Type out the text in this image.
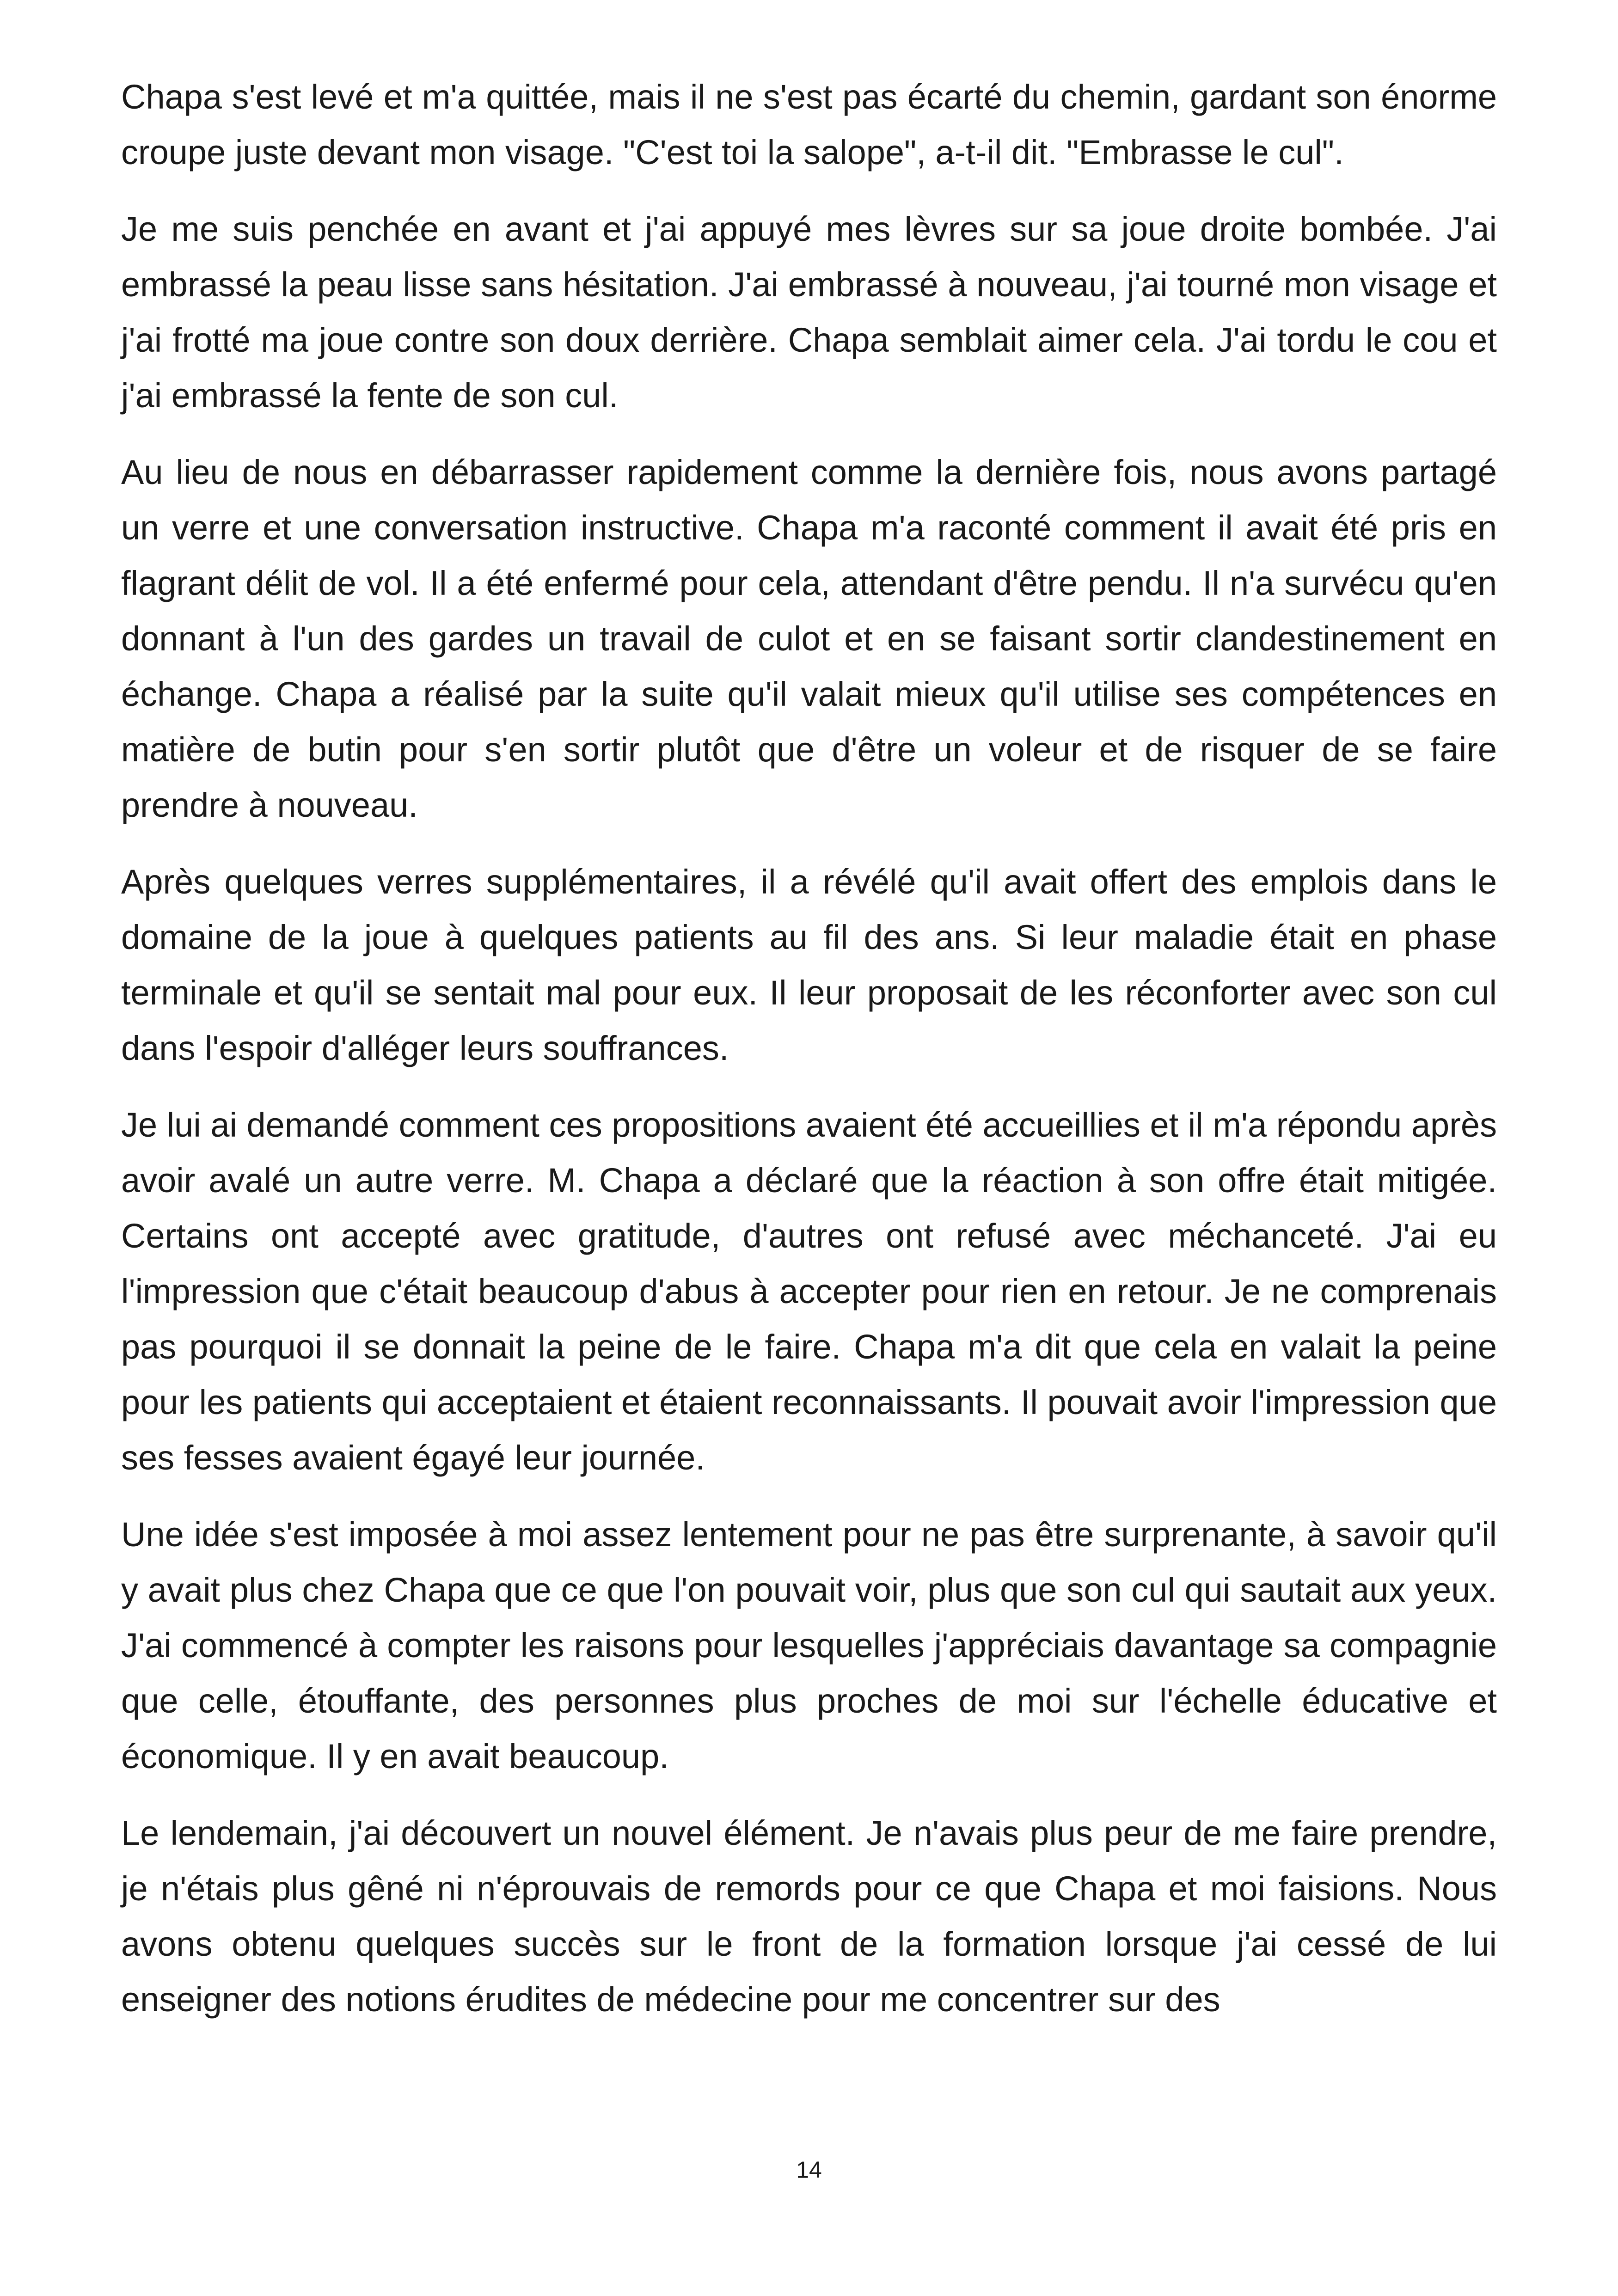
Chapa s'est levé et m'a quittée, mais il ne s'est pas écarté du chemin, gardant son énorme croupe juste devant mon visage. "C'est toi la salope", a-t-il dit. "Embrasse le cul".

Je me suis penchée en avant et j'ai appuyé mes lèvres sur sa joue droite bombée. J'ai embrassé la peau lisse sans hésitation. J'ai embrassé à nouveau, j'ai tourné mon visage et j'ai frotté ma joue contre son doux derrière. Chapa semblait aimer cela. J'ai tordu le cou et j'ai embrassé la fente de son cul.

Au lieu de nous en débarrasser rapidement comme la dernière fois, nous avons partagé un verre et une conversation instructive. Chapa m'a raconté comment il avait été pris en flagrant délit de vol. Il a été enfermé pour cela, attendant d'être pendu. Il n'a survécu qu'en donnant à l'un des gardes un travail de culot et en se faisant sortir clandestinement en échange. Chapa a réalisé par la suite qu'il valait mieux qu'il utilise ses compétences en matière de butin pour s'en sortir plutôt que d'être un voleur et de risquer de se faire prendre à nouveau.

Après quelques verres supplémentaires, il a révélé qu'il avait offert des emplois dans le domaine de la joue à quelques patients au fil des ans. Si leur maladie était en phase terminale et qu'il se sentait mal pour eux. Il leur proposait de les réconforter avec son cul dans l'espoir d'alléger leurs souffrances.

Je lui ai demandé comment ces propositions avaient été accueillies et il m'a répondu après avoir avalé un autre verre. M. Chapa a déclaré que la réaction à son offre était mitigée. Certains ont accepté avec gratitude, d'autres ont refusé avec méchanceté. J'ai eu l'impression que c'était beaucoup d'abus à accepter pour rien en retour. Je ne comprenais pas pourquoi il se donnait la peine de le faire. Chapa m'a dit que cela en valait la peine pour les patients qui acceptaient et étaient reconnaissants. Il pouvait avoir l'impression que ses fesses avaient égayé leur journée.

Une idée s'est imposée à moi assez lentement pour ne pas être surprenante, à savoir qu'il y avait plus chez Chapa que ce que l'on pouvait voir, plus que son cul qui sautait aux yeux. J'ai commencé à compter les raisons pour lesquelles j'appréciais davantage sa compagnie que celle, étouffante, des personnes plus proches de moi sur l'échelle éducative et économique. Il y en avait beaucoup.

Le lendemain, j'ai découvert un nouvel élément. Je n'avais plus peur de me faire prendre, je n'étais plus gêné ni n'éprouvais de remords pour ce que Chapa et moi faisions. Nous avons obtenu quelques succès sur le front de la formation lorsque j'ai cessé de lui enseigner des notions érudites de médecine pour me concentrer sur des

14
